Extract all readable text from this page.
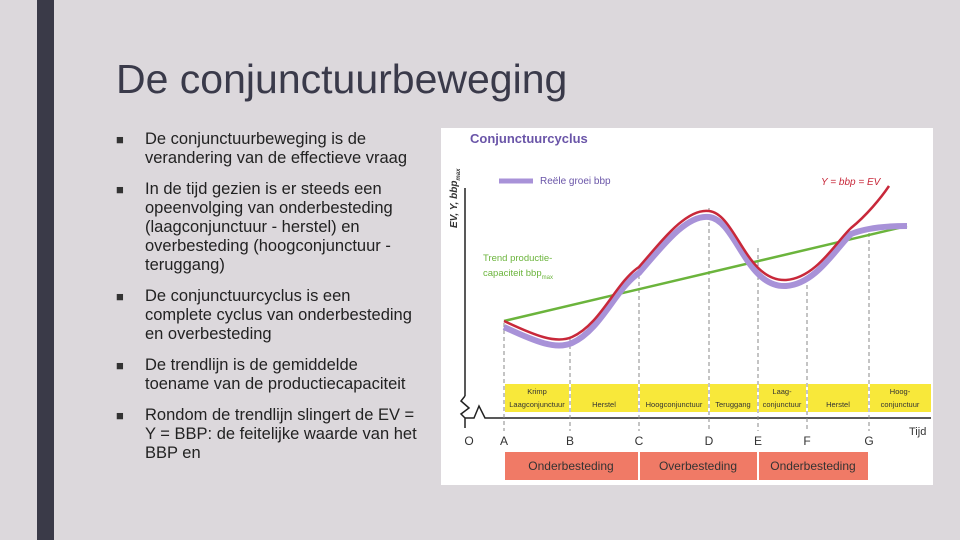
De conjunctuurbeweging
■ De conjunctuurbeweging is de verandering van de effectieve vraag
■ In de tijd gezien is er steeds een opeenvolging van onderbesteding (laagconjunctuur - herstel) en overbesteding (hoogconjunctuur - teruggang)
■ De conjunctuurcyclus is een complete cyclus van onderbesteding en overbesteding
■ De trendlijn is de gemiddelde toename van de productiecapaciteit
■ Rondom de trendlijn slingert de EV = Y = BBP: de feitelijke waarde van het BBP en
Conjunctuurcyclus
EV, Y, bbp$_{max}$
Reële groei bbp	Y = bbp = EV
Trend productie-
capaciteit bbp$_{max}$
Krimp
Laagconjunctuur	Herstel	Hoogconjunctuur Teruggang
Laag-
conjunctuur	Herstel
Hoog-
conjunctuur
O A	B	C	D	E	F	G
Tijd
Onderbesteding	Overbesteding	Onderbesteding
